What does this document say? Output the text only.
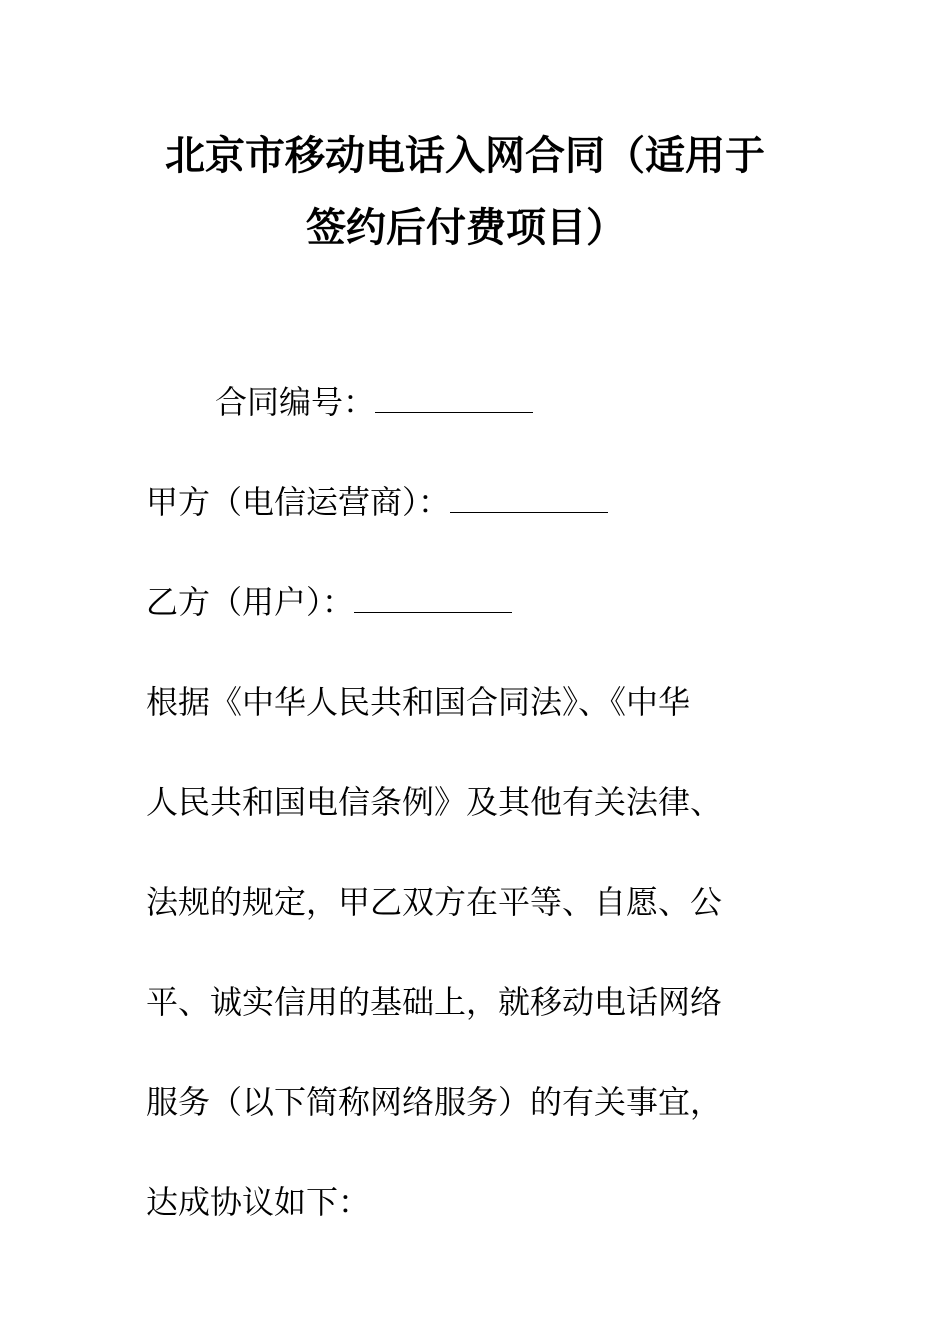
北京市移动电话入网合同（适用于
签约后付费项目）
合同编号：
甲方（电信运营商）：
乙方（用户）：
根据《中华人民共和国合同法》、《中华
人民共和国电信条例》及其他有关法律、
法规的规定，甲乙双方在平等、自愿、公
平、诚实信用的基础上，就移动电话网络
服务（以下简称网络服务）的有关事宜，
达成协议如下：
